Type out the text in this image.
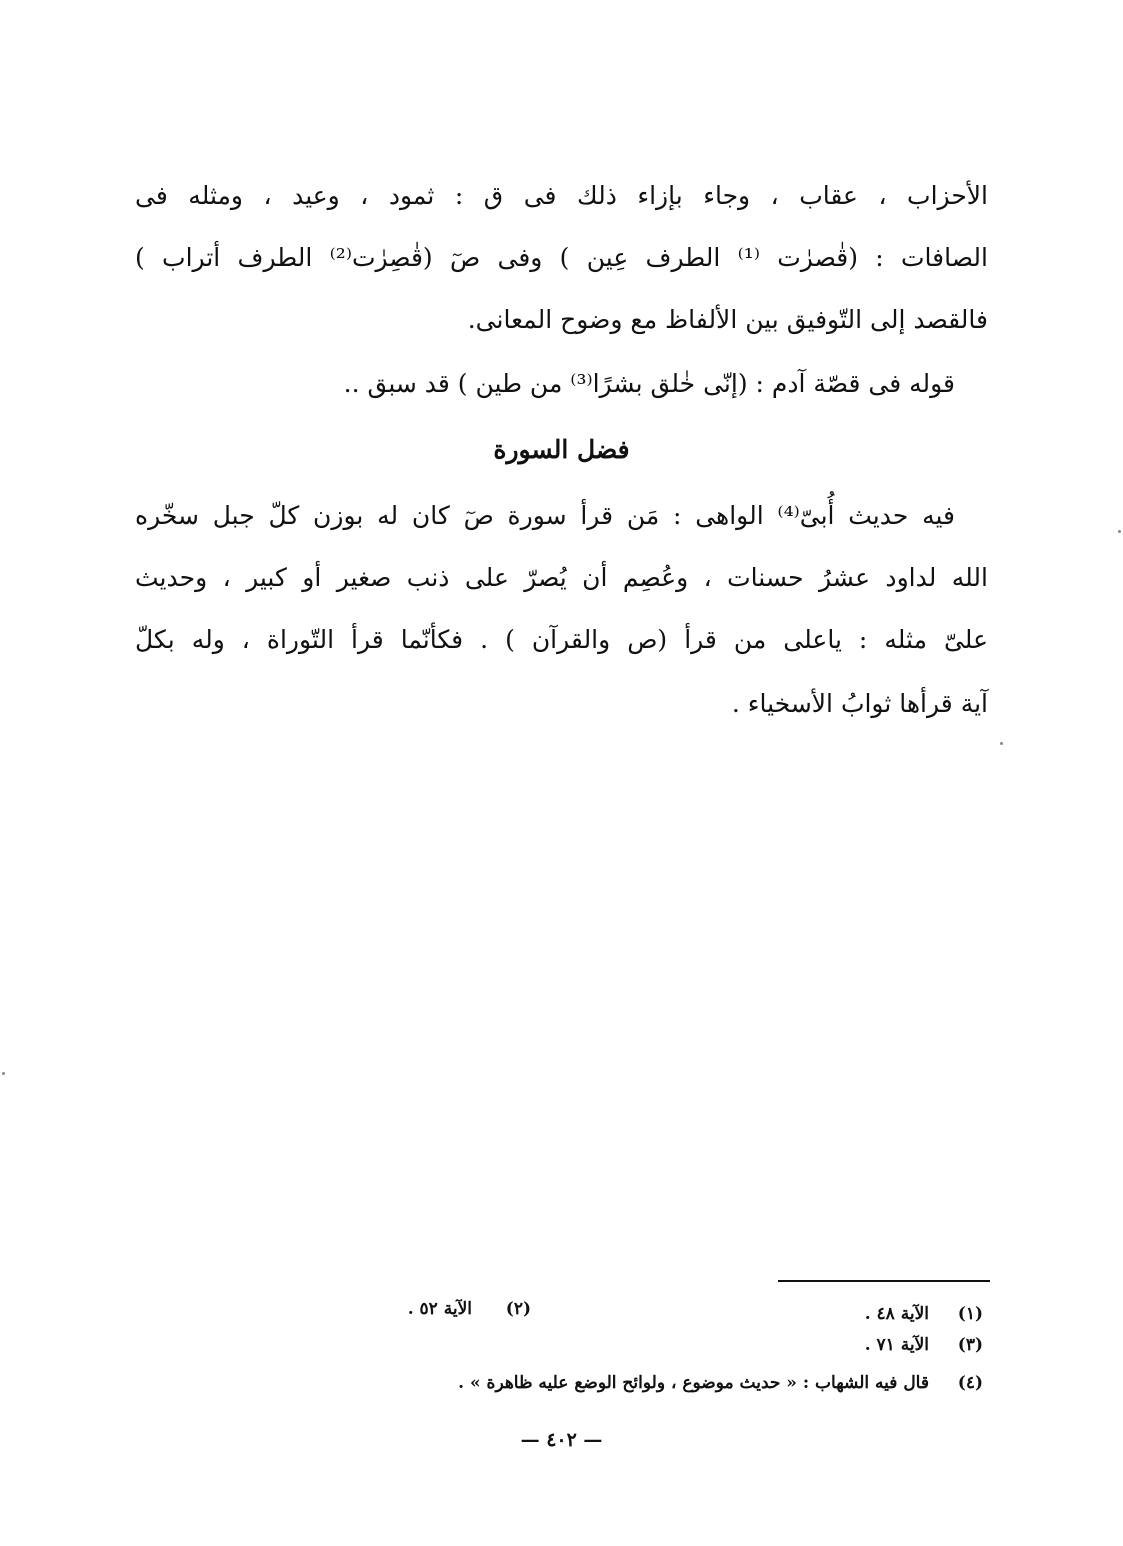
الأحزاب ، عقاب ، وجاء بإزاء ذلك فى ق : ثمود ، وعيد ، ومثله فى
الصافات : (قٰصرٰت ⁽¹⁾ الطرف عِين ) وفى صٓ (قٰصِرٰت⁽²⁾ الطرف أتراب )
فالقصد إلى التّوفيق بين الألفاظ مع وضوح المعانى.
قوله فى قصّة آدم : (إنّى خٰلق بشرًا⁽³⁾ من طين ) قد سبق ..
فضل السورة
فيه حديث أُبىّ⁽⁴⁾ الواهى : مَن قرأ سورة صٓ كان له بوزن كلّ جبل سخّره
الله لداود عشرُ حسنات ، وعُصِم أن يُصرّ على ذنب صغير أو كبير ، وحديث
علىّ مثله : ياعلى من قرأ (ص والقرآن ) . فكأنّما قرأ التّوراة ، وله بكلّ
آية قرأها ثوابُ الأسخياء .
(١)
الآية ٤٨ .
(٢)
الآية ٥٢ .
(٣)
الآية ٧١ .
(٤)
قال فيه الشهاب : « حديث موضوع ، ولوائح الوضع عليه ظاهرة » .
— ٤٠٢ —
